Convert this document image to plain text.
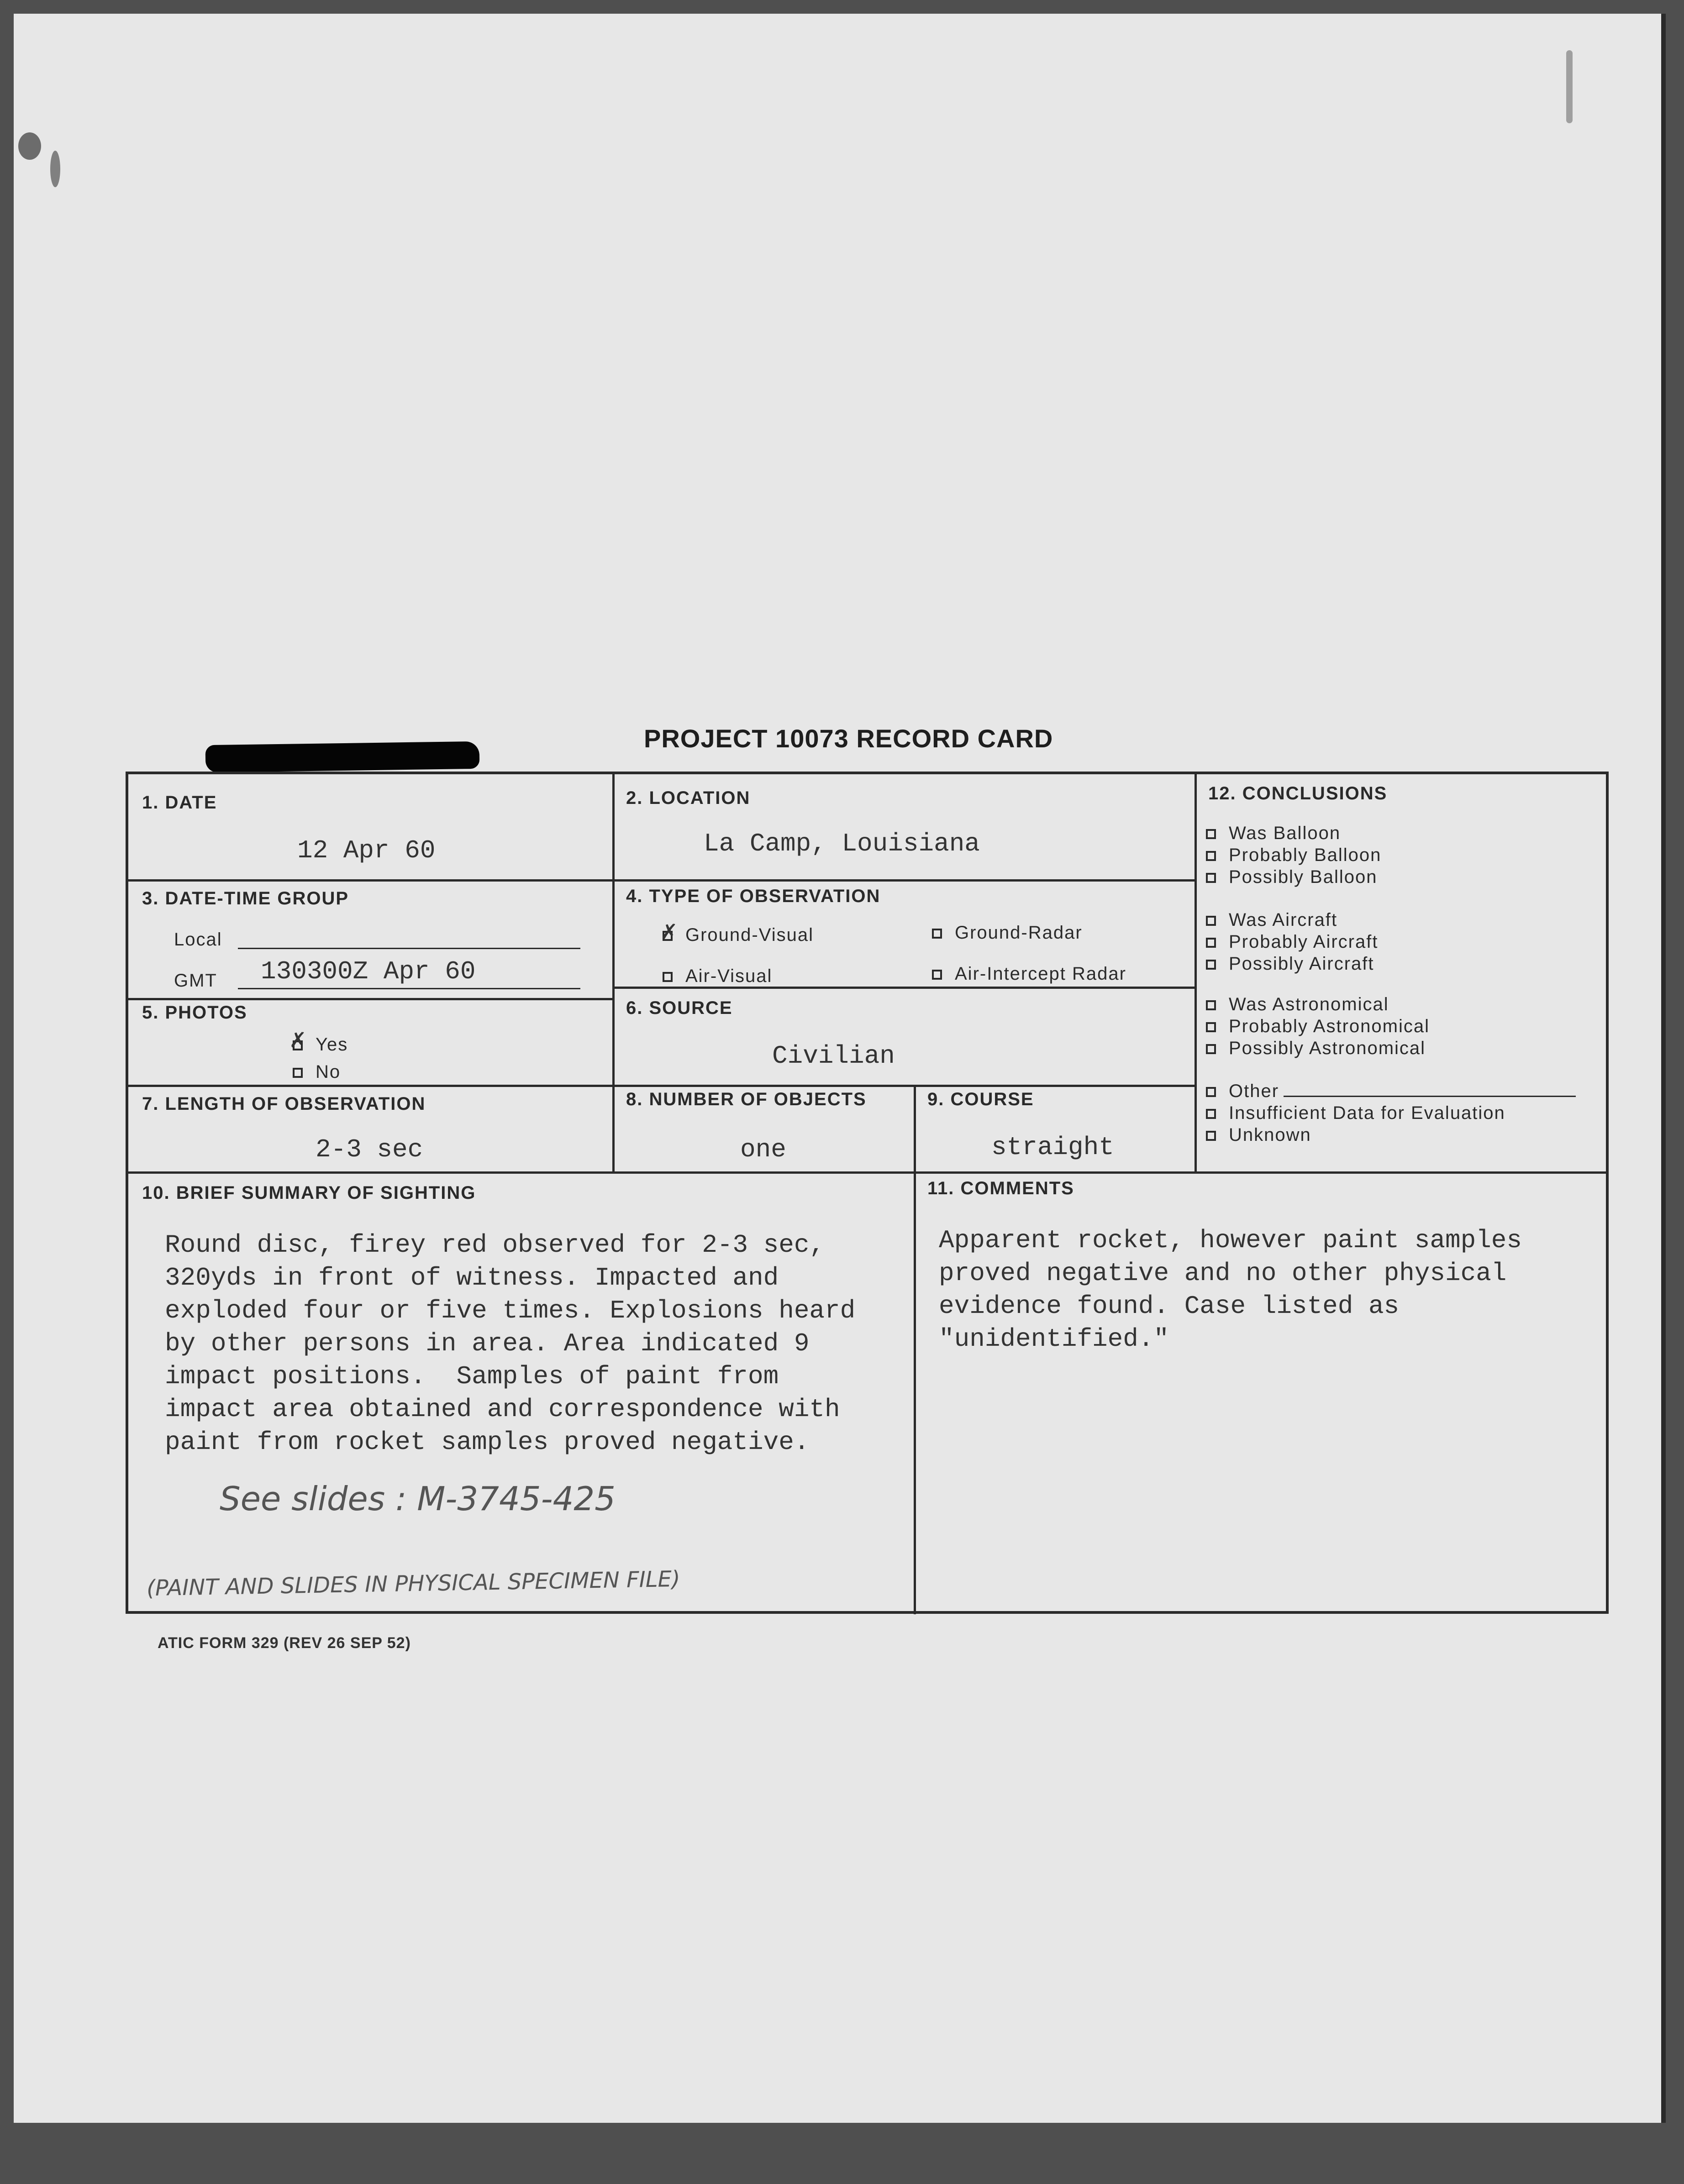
PROJECT 10073 RECORD CARD
1. DATE
12 Apr 60
2. LOCATION
La Camp, Louisiana
3. DATE-TIME GROUP
Local
GMT 130300Z Apr 60
4. TYPE OF OBSERVATION
Ground-Visual
✗	Ground-Radar
Air-Visual	Air-Intercept Radar
5. PHOTOS
Yes
✗
No
6. SOURCE
Civilian
7. LENGTH OF OBSERVATION
2-3 sec
8. NUMBER OF OBJECTS
one
9. COURSE
straight
10. BRIEF SUMMARY OF SIGHTING
Round disc, firey red observed for 2-3 sec,
320yds in front of witness. Impacted and
exploded four or five times. Explosions heard
by other persons in area. Area indicated 9
impact positions.  Samples of paint from
impact area obtained and correspondence with
paint from rocket samples proved negative.
See slides : M-3745-425
(PAINT AND SLIDES IN PHYSICAL SPECIMEN FILE)
11. COMMENTS
Apparent rocket, however paint samples
proved negative and no other physical
evidence found. Case listed as
"unidentified."
12. CONCLUSIONS
Was Balloon
Probably Balloon
Possibly Balloon
Was Aircraft
Probably Aircraft
Possibly Aircraft
Was Astronomical
Probably Astronomical
Possibly Astronomical
Other
Insufficient Data for Evaluation
Unknown
ATIC FORM 329 (REV 26 SEP 52)
